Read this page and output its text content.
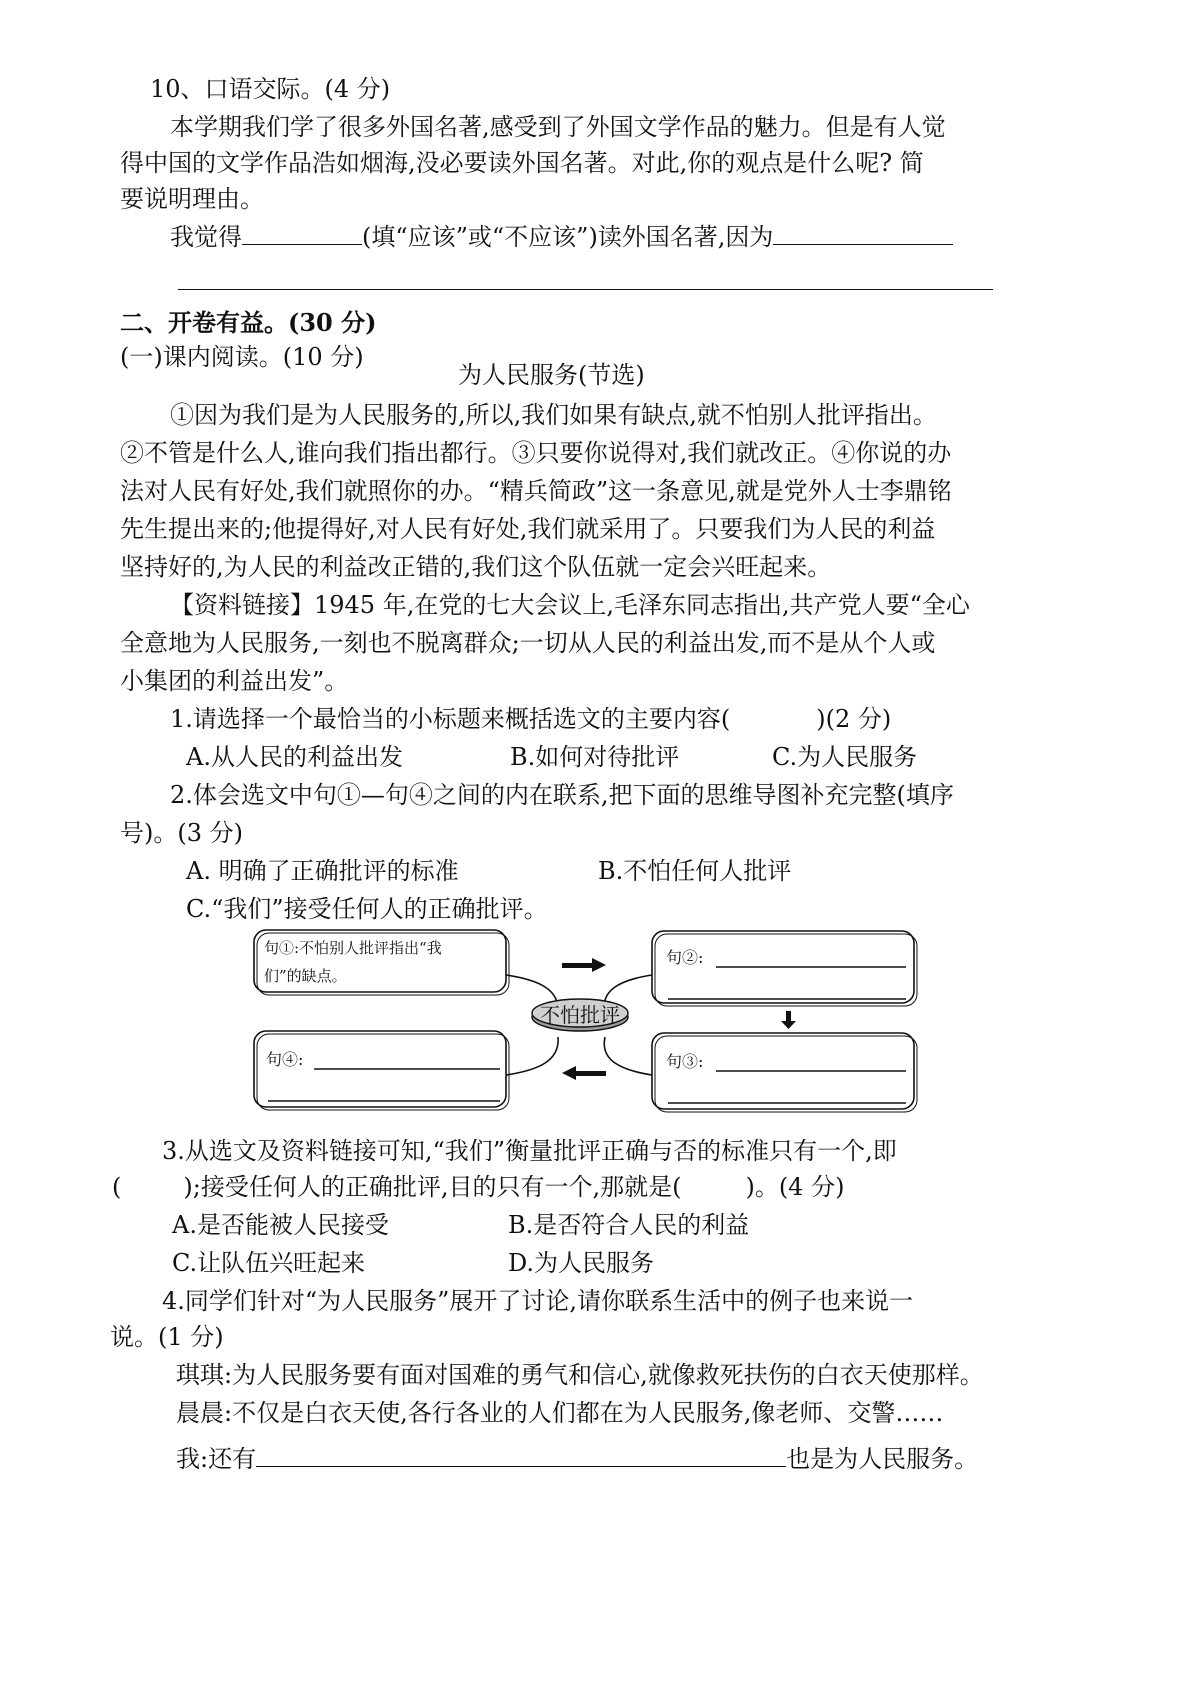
10、口语交际。(4 分)
本学期我们学了很多外国名著,感受到了外国文学作品的魅力。但是有人觉
得中国的文学作品浩如烟海,没必要读外国名著。对此,你的观点是什么呢? 简
要说明理由。
我觉得	(填“应该”或“不应该”)读外国名著,因为
二、开卷有益。(30 分)
(一)课内阅读。(10 分)
为人民服务(节选)
①因为我们是为人民服务的,所以,我们如果有缺点,就不怕别人批评指出。
②不管是什么人,谁向我们指出都行。③只要你说得对,我们就改正。④你说的办
法对人民有好处,我们就照你的办。“精兵简政”这一条意见,就是党外人士李鼎铭
先生提出来的;他提得好,对人民有好处,我们就采用了。只要我们为人民的利益
坚持好的,为人民的利益改正错的,我们这个队伍就一定会兴旺起来。
【资料链接】1945 年,在党的七大会议上,毛泽东同志指出,共产党人要“全心
全意地为人民服务,一刻也不脱离群众;一切从人民的利益出发,而不是从个人或
小集团的利益出发”。
1.请选择一个最恰当的小标题来概括选文的主要内容(	)(2 分)
A.从人民的利益出发	B.如何对待批评	C.为人民服务
2.体会选文中句①—句④之间的内在联系,把下面的思维导图补充完整(填序
号)。(3 分)
A. 明确了正确批评的标准	B.不怕任何人批评
C.“我们”接受任何人的正确批评。
不怕批评
句①:不怕别人批评指出“我
们”的缺点。
句②:
句④:	句③:
3.从选文及资料链接可知,“我们”衡量批评正确与否的标准只有一个,即
(	);接受任何人的正确批评,目的只有一个,那就是(	)。(4 分)
A.是否能被人民接受	B.是否符合人民的利益
C.让队伍兴旺起来	D.为人民服务
4.同学们针对“为人民服务”展开了讨论,请你联系生活中的例子也来说一
说。(1 分)
琪琪:为人民服务要有面对国难的勇气和信心,就像救死扶伤的白衣天使那样。
晨晨:不仅是白衣天使,各行各业的人们都在为人民服务,像老师、交警……
我:还有	也是为人民服务。
